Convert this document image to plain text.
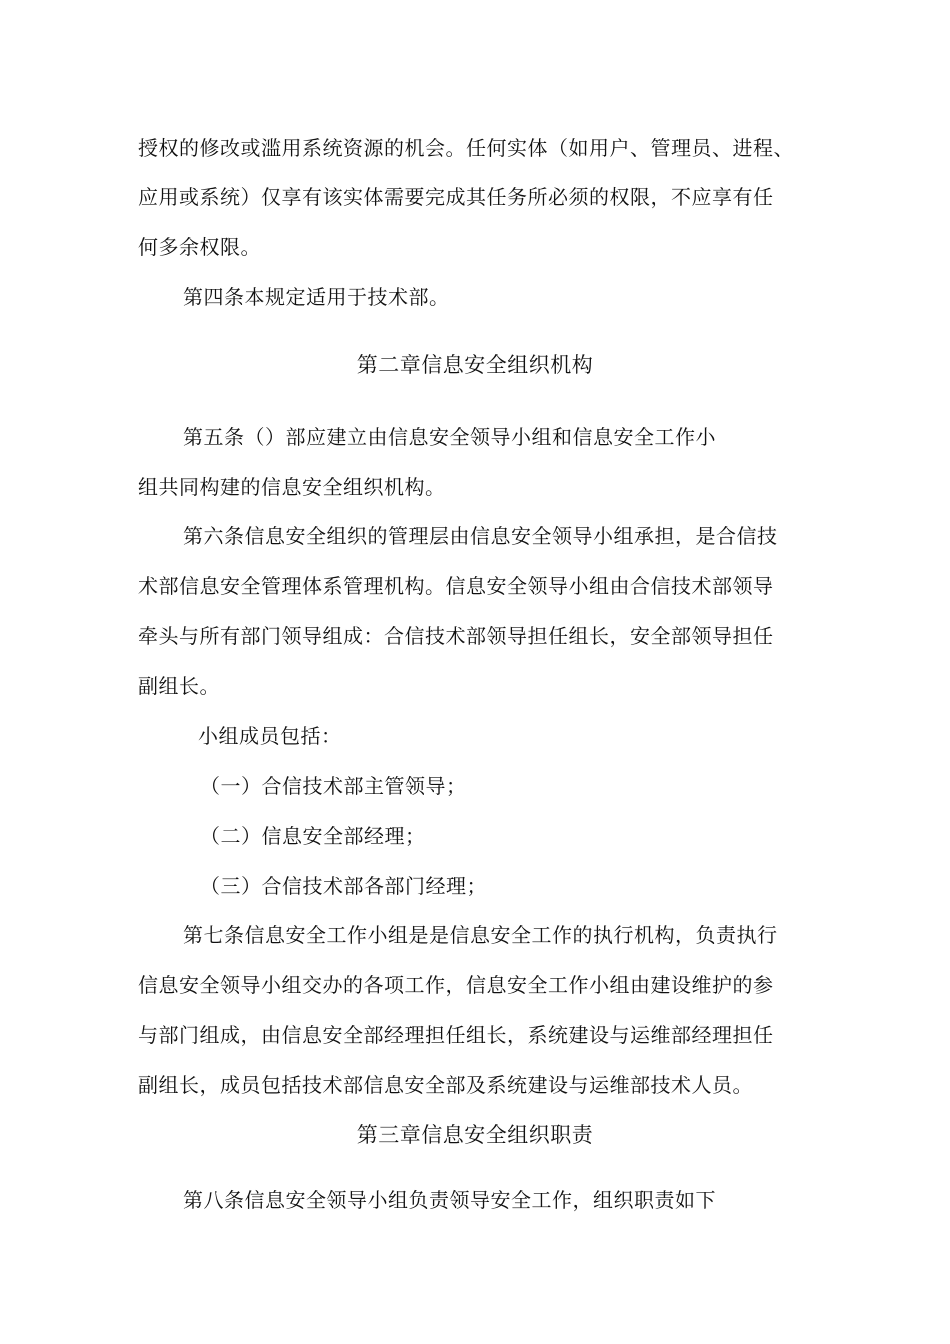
授权的修改或滥用系统资源的机会。任何实体（如用户、管理员、进程、
应用或系统）仅享有该实体需要完成其任务所必须的权限，不应享有任
何多余权限。
第四条本规定适用于技术部。
第二章信息安全组织机构
第五条（）部应建立由信息安全领导小组和信息安全工作小
组共同构建的信息安全组织机构。
第六条信息安全组织的管理层由信息安全领导小组承担，是合信技
术部信息安全管理体系管理机构。信息安全领导小组由合信技术部领导
牵头与所有部门领导组成：合信技术部领导担任组长，安全部领导担任
副组长。
小组成员包括：
（一）合信技术部主管领导；
（二）信息安全部经理；
（三）合信技术部各部门经理；
第七条信息安全工作小组是是信息安全工作的执行机构，负责执行
信息安全领导小组交办的各项工作，信息安全工作小组由建设维护的参
与部门组成，由信息安全部经理担任组长，系统建设与运维部经理担任
副组长，成员包括技术部信息安全部及系统建设与运维部技术人员。
第三章信息安全组织职责
第八条信息安全领导小组负责领导安全工作，组织职责如下
